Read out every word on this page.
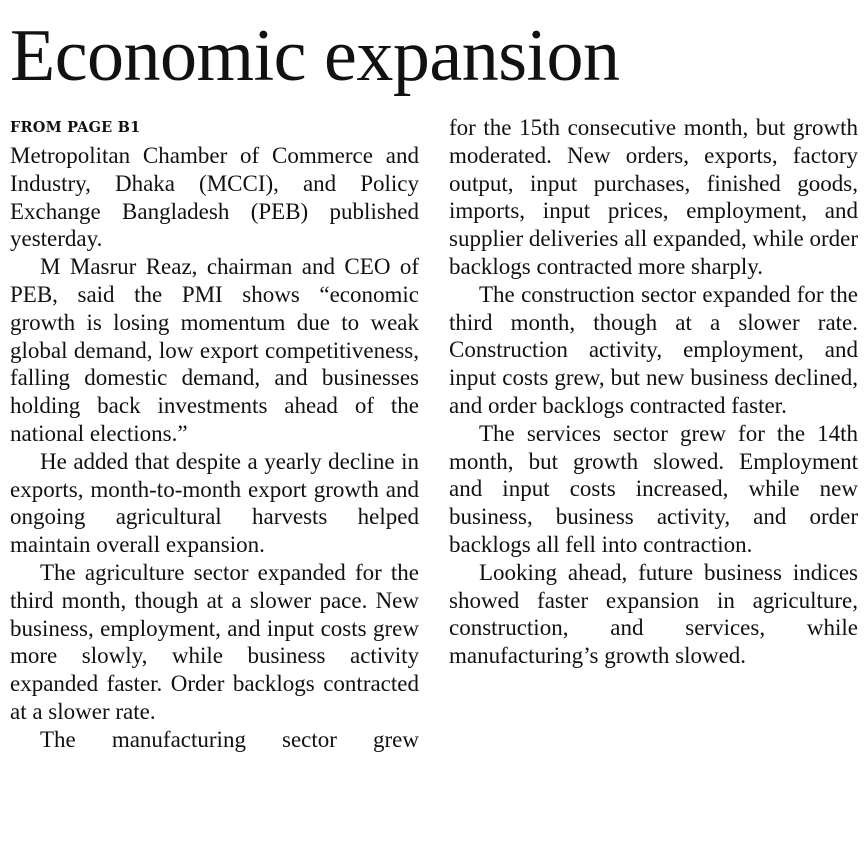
Economic expansion
FROM PAGE B1

Metropolitan Chamber of Commerce and Industry, Dhaka (MCCI), and Policy Exchange Bangladesh (PEB) published yesterday.

M Masrur Reaz, chairman and CEO of PEB, said the PMI shows “economic growth is losing momentum due to weak global demand, low export competitiveness, falling domestic demand, and businesses holding back investments ahead of the national elections.”

He added that despite a yearly decline in exports, month-to-month export growth and ongoing agricultural harvests helped maintain overall expansion.

The agriculture sector expanded for the third month, though at a slower pace. New business, employment, and input costs grew more slowly, while business activity expanded faster. Order backlogs contracted at a slower rate.

The manufacturing sector grew

for the 15th consecutive month, but growth moderated. New orders, exports, factory output, input purchases, finished goods, imports, input prices, employment, and supplier deliveries all expanded, while order backlogs contracted more sharply.

The construction sector expanded for the third month, though at a slower rate. Construction activity, employment, and input costs grew, but new business declined, and order backlogs contracted faster.

The services sector grew for the 14th month, but growth slowed. Employment and input costs increased, while new business, business activity, and order backlogs all fell into contraction.

Looking ahead, future business indices showed faster expansion in agriculture, construction, and services, while manufacturing’s growth slowed.
